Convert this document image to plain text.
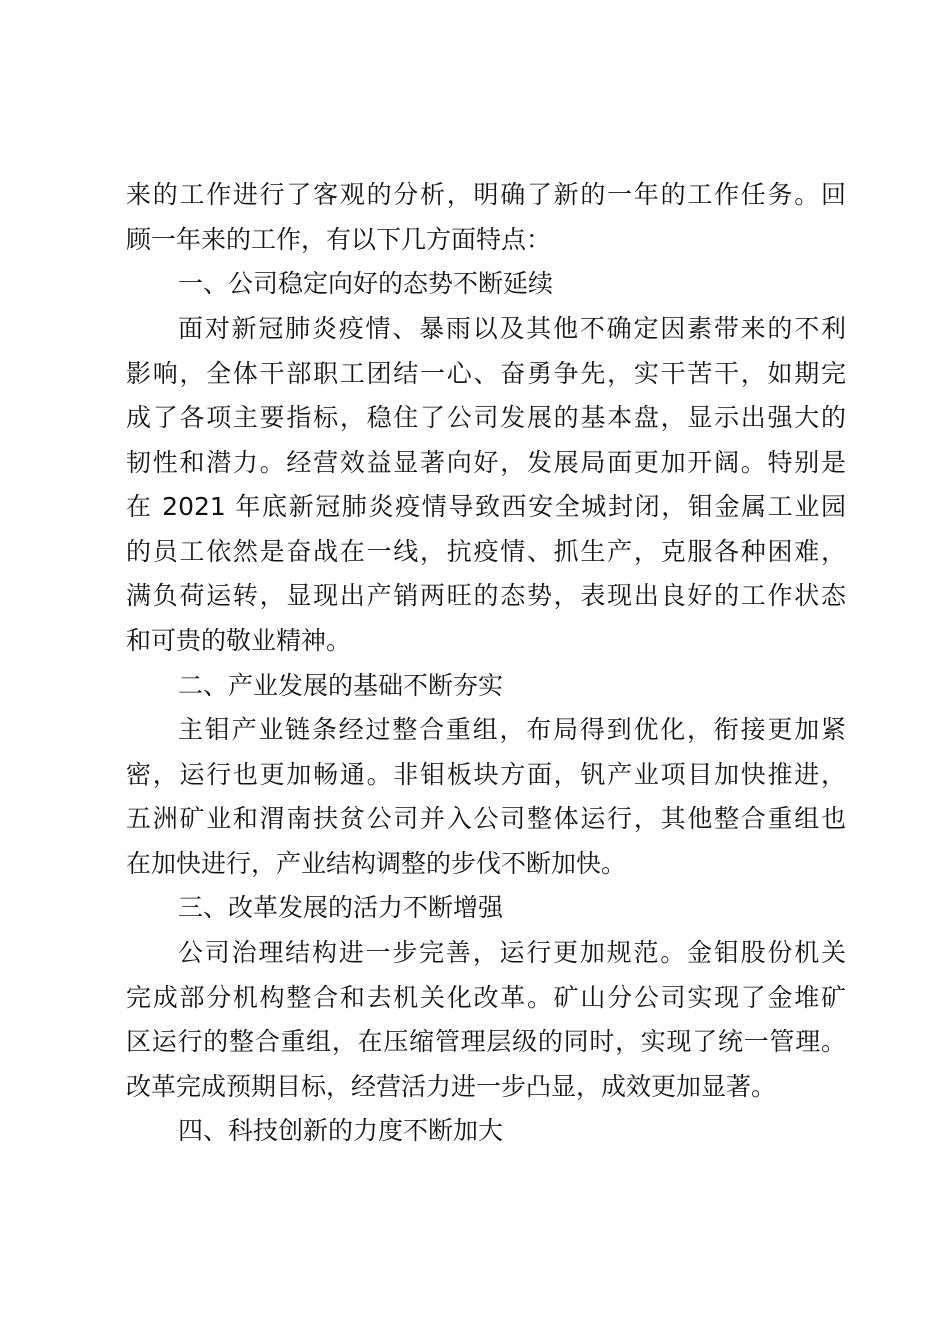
来的工作进行了客观的分析，明确了新的一年的工作任务。回
顾一年来的工作，有以下几方面特点：
一、公司稳定向好的态势不断延续
面对新冠肺炎疫情、暴雨以及其他不确定因素带来的不利
影响，全体干部职工团结一心、奋勇争先，实干苦干，如期完
成了各项主要指标，稳住了公司发展的基本盘，显示出强大的
韧性和潜力。经营效益显著向好，发展局面更加开阔。特别是
在 2021 年底新冠肺炎疫情导致西安全城封闭，钼金属工业园
的员工依然是奋战在一线，抗疫情、抓生产，克服各种困难，
满负荷运转，显现出产销两旺的态势，表现出良好的工作状态
和可贵的敬业精神。
二、产业发展的基础不断夯实
主钼产业链条经过整合重组，布局得到优化，衔接更加紧
密，运行也更加畅通。非钼板块方面，钒产业项目加快推进，
五洲矿业和渭南扶贫公司并入公司整体运行，其他整合重组也
在加快进行，产业结构调整的步伐不断加快。
三、改革发展的活力不断增强
公司治理结构进一步完善，运行更加规范。金钼股份机关
完成部分机构整合和去机关化改革。矿山分公司实现了金堆矿
区运行的整合重组，在压缩管理层级的同时，实现了统一管理。
改革完成预期目标，经营活力进一步凸显，成效更加显著。
四、科技创新的力度不断加大
